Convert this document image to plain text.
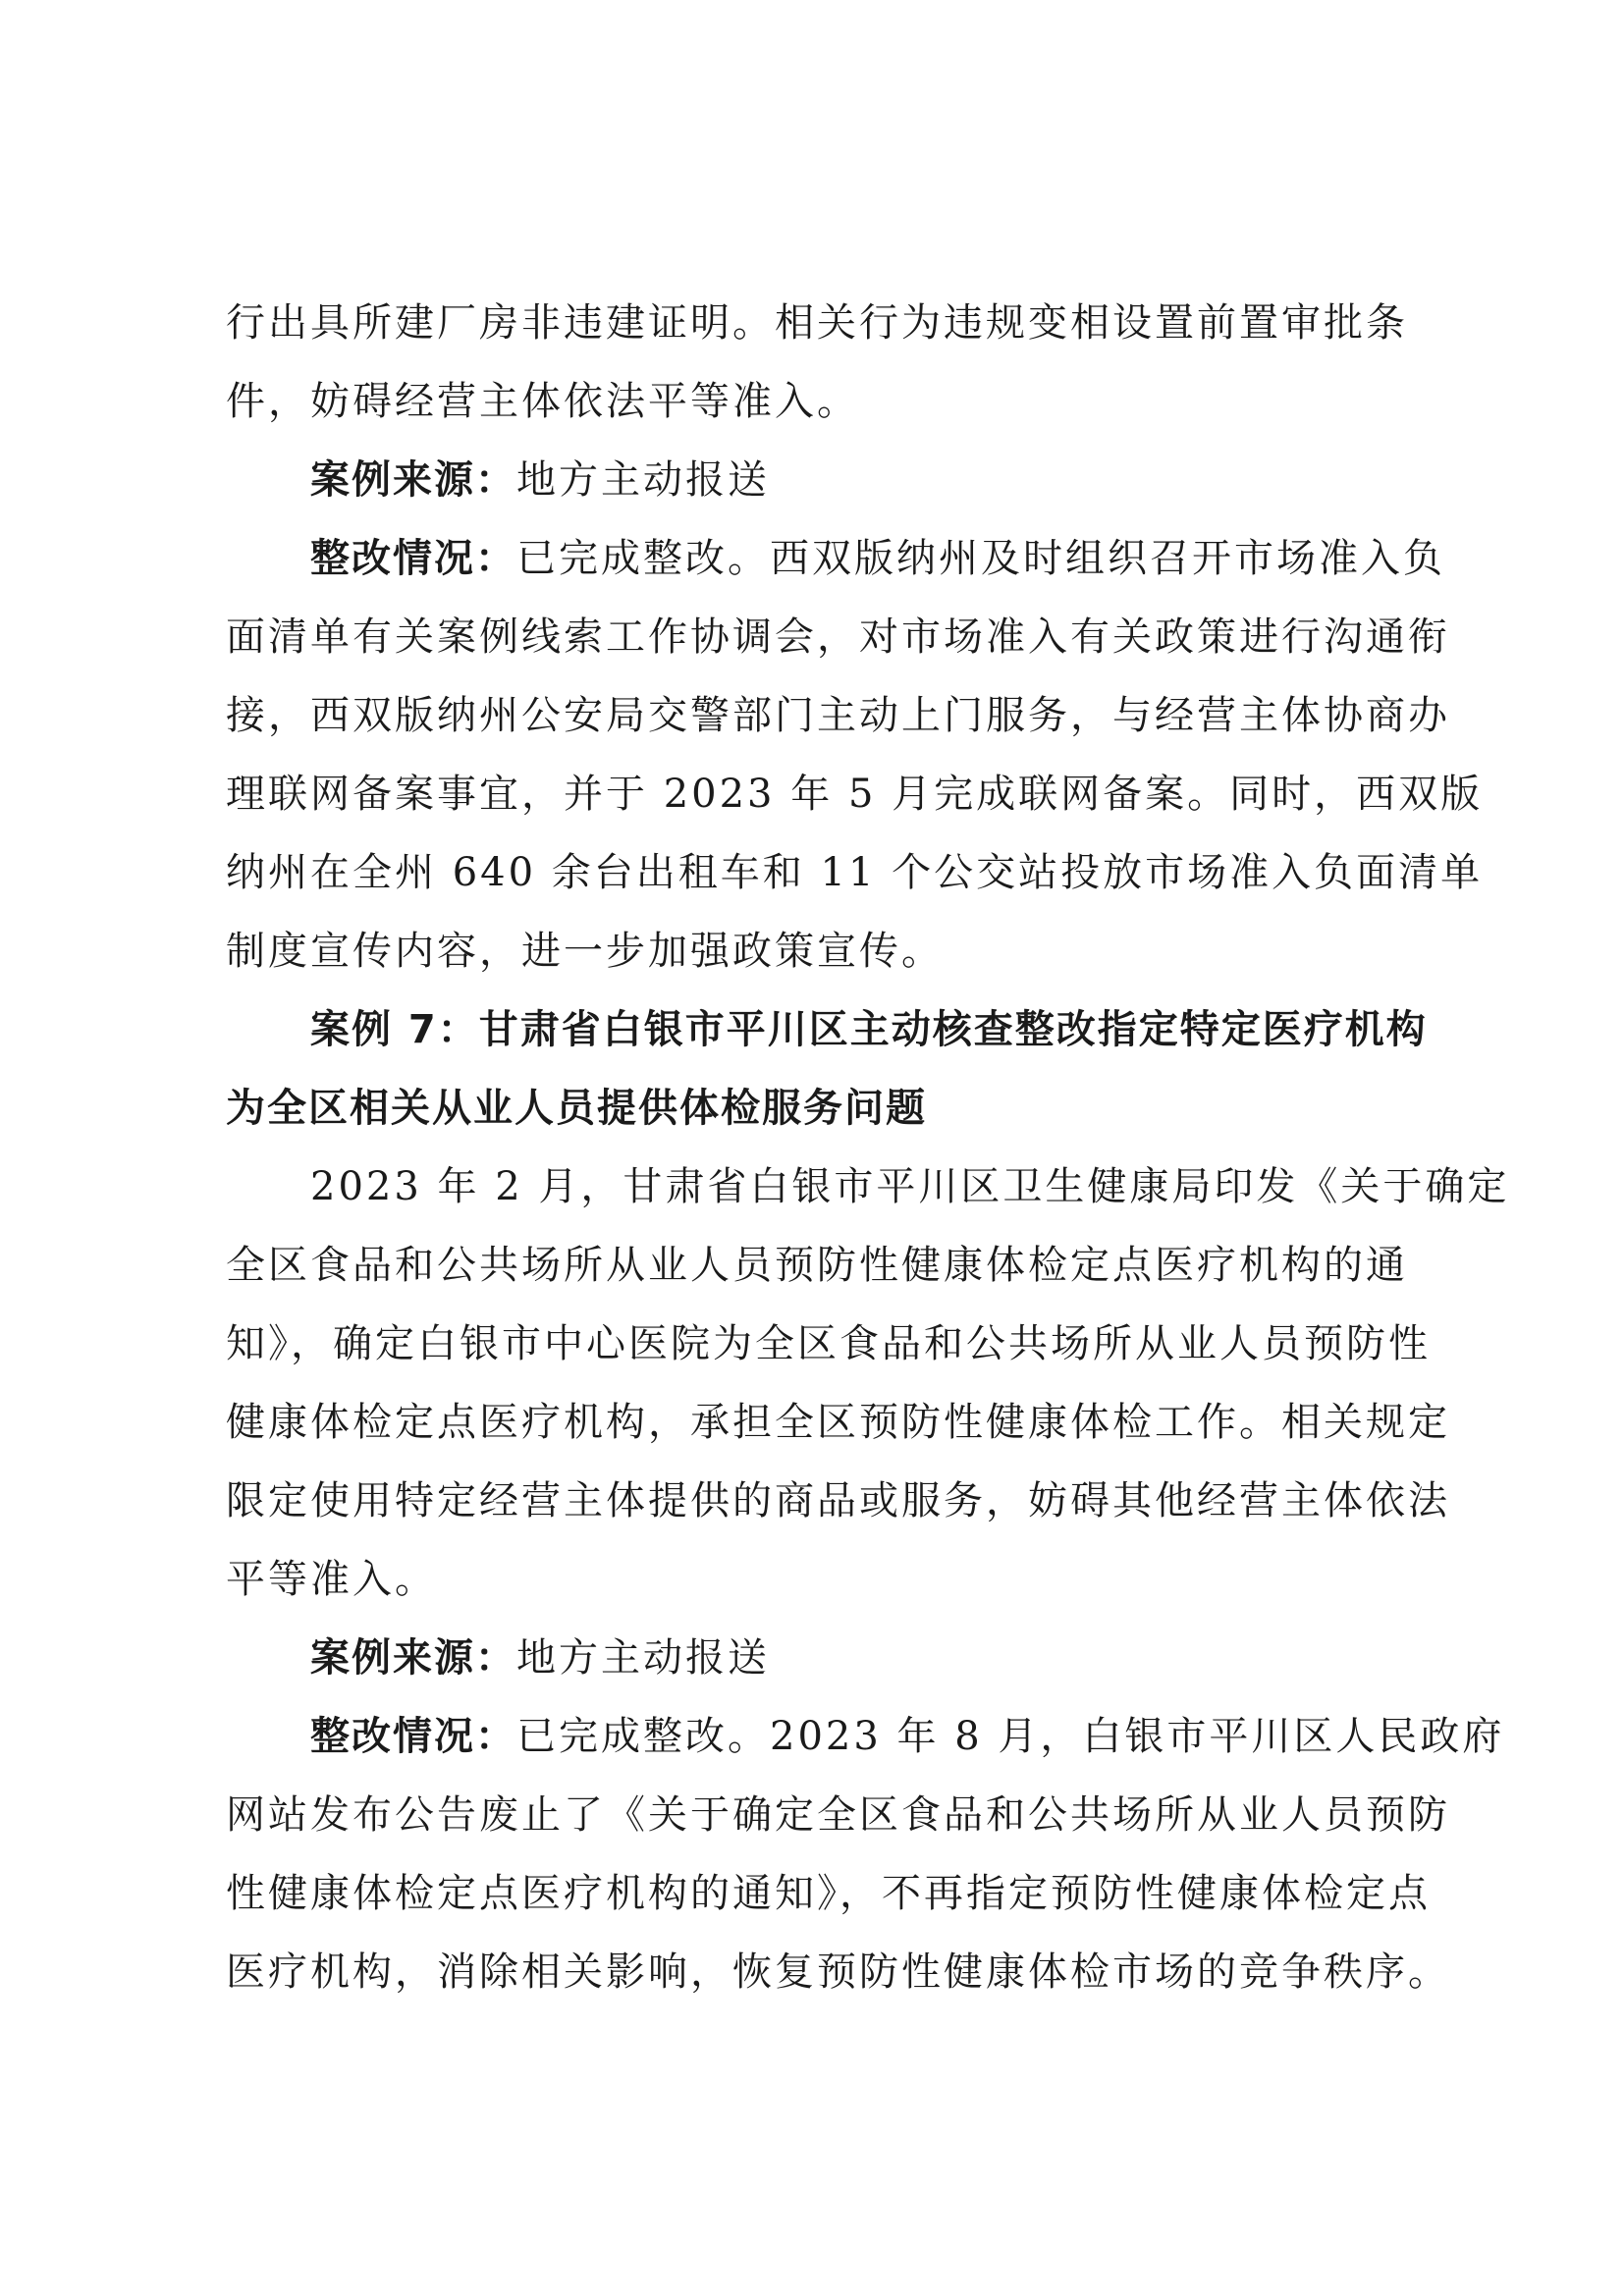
行出具所建厂房非违建证明。相关行为违规变相设置前置审批条
件，妨碍经营主体依法平等准入。
案例来源：地方主动报送
整改情况：已完成整改。西双版纳州及时组织召开市场准入负
面清单有关案例线索工作协调会，对市场准入有关政策进行沟通衔
接，西双版纳州公安局交警部门主动上门服务，与经营主体协商办
理联网备案事宜，并于 2023 年 5 月完成联网备案。同时，西双版
纳州在全州 640 余台出租车和 11 个公交站投放市场准入负面清单
制度宣传内容，进一步加强政策宣传。
案例 7：甘肃省白银市平川区主动核查整改指定特定医疗机构
为全区相关从业人员提供体检服务问题
2023 年 2 月，甘肃省白银市平川区卫生健康局印发《关于确定
全区食品和公共场所从业人员预防性健康体检定点医疗机构的通
知》，确定白银市中心医院为全区食品和公共场所从业人员预防性
健康体检定点医疗机构，承担全区预防性健康体检工作。相关规定
限定使用特定经营主体提供的商品或服务，妨碍其他经营主体依法
平等准入。
案例来源：地方主动报送
整改情况：已完成整改。2023 年 8 月，白银市平川区人民政府
网站发布公告废止了《关于确定全区食品和公共场所从业人员预防
性健康体检定点医疗机构的通知》，不再指定预防性健康体检定点
医疗机构，消除相关影响，恢复预防性健康体检市场的竞争秩序。
